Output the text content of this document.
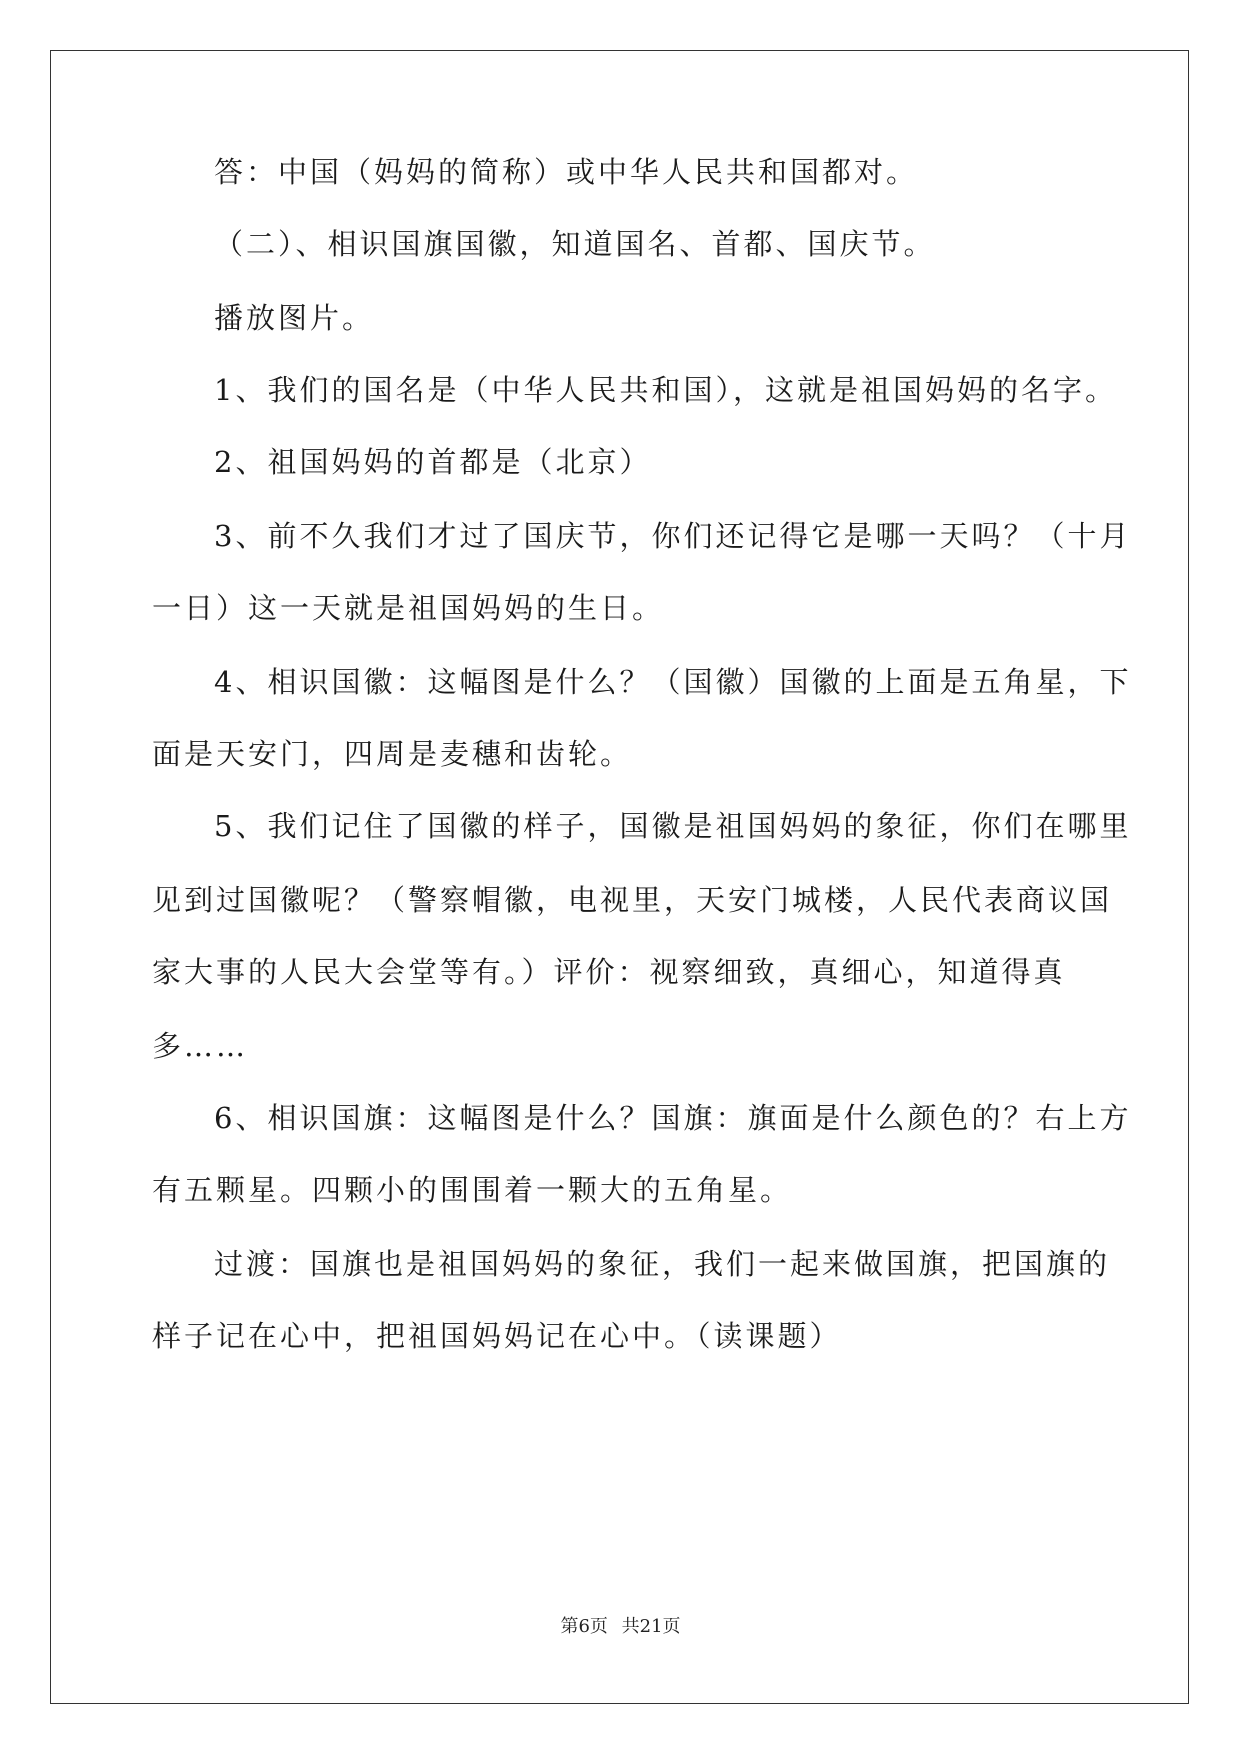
答：中国（妈妈的简称）或中华人民共和国都对。
（二）、相识国旗国徽，知道国名、首都、国庆节。
播放图片。
1、我们的国名是（中华人民共和国），这就是祖国妈妈的名字。
2、祖国妈妈的首都是（北京）
3、前不久我们才过了国庆节，你们还记得它是哪一天吗？（十月
一日）这一天就是祖国妈妈的生日。
4、相识国徽：这幅图是什么？（国徽）国徽的上面是五角星，下
面是天安门，四周是麦穗和齿轮。
5、我们记住了国徽的样子，国徽是祖国妈妈的象征，你们在哪里
见到过国徽呢？（警察帽徽，电视里，天安门城楼，人民代表商议国
家大事的人民大会堂等有。）评价：视察细致，真细心，知道得真
多……
6、相识国旗：这幅图是什么？国旗：旗面是什么颜色的？右上方
有五颗星。四颗小的围围着一颗大的五角星。
过渡：国旗也是祖国妈妈的象征，我们一起来做国旗，把国旗的
样子记在心中，把祖国妈妈记在心中。（读课题）
第6页 共21页
